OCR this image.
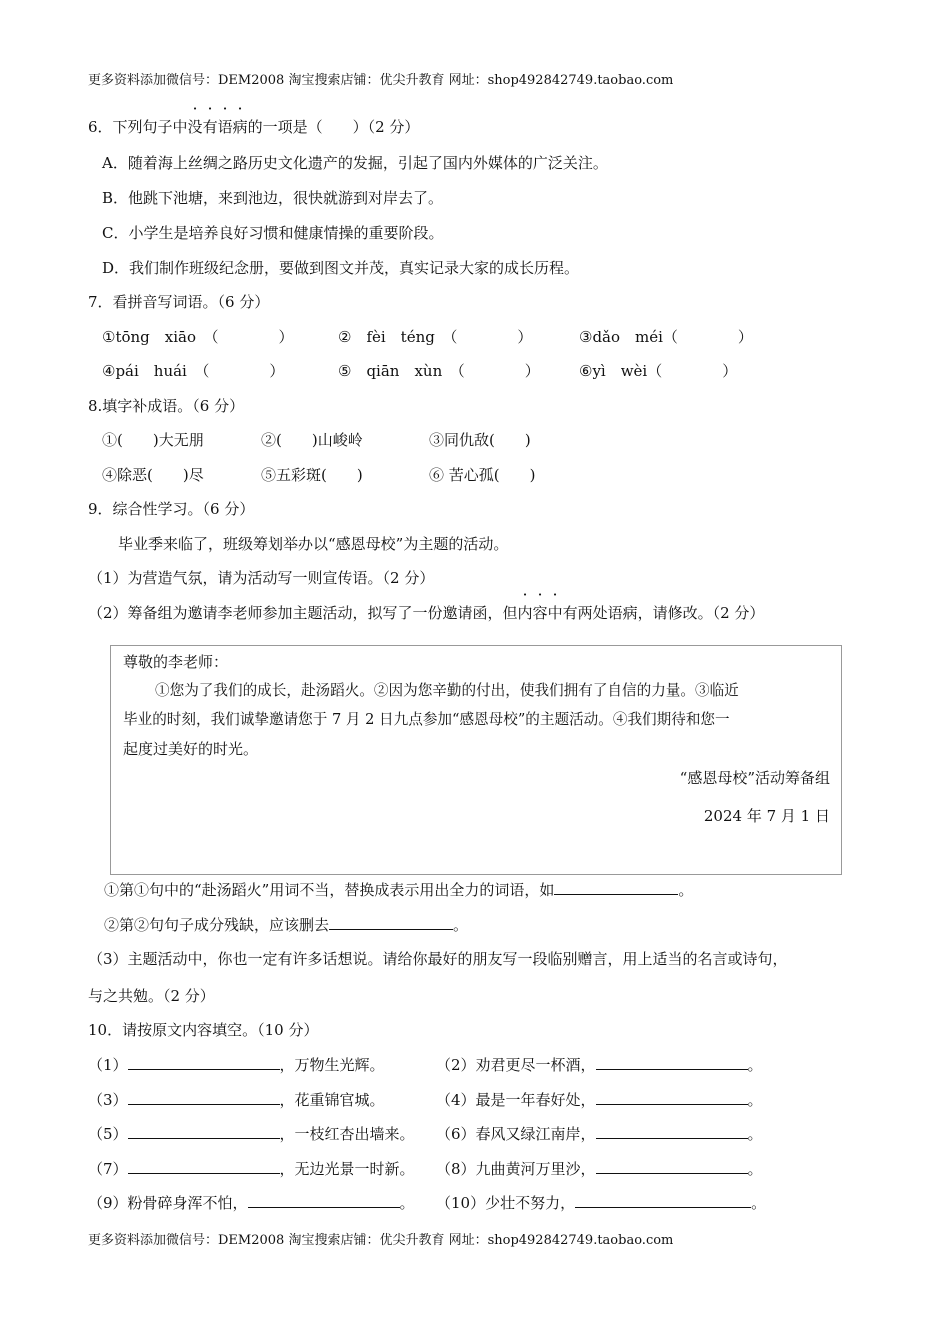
更多资料添加微信号：DEM2008 淘宝搜索店铺：优尖升教育 网址：shop492842749.taobao.com
6．下列句子中没有语病的一项是（　　）（2 分）
A．随着海上丝绸之路历史文化遗产的发掘，引起了国内外媒体的广泛关注。
B．他跳下池塘，来到池边，很快就游到对岸去了。
C．小学生是培养良好习惯和健康情操的重要阶段。
D．我们制作班级纪念册，要做到图文并茂，真实记录大家的成长历程。
7．看拼音写词语。（6 分）
①tōng　xiāo　（　　　　）	②　fèi　téng　（　　　　）	③dǎo　méi（　　　　）
④pái　huái　（　　　　）	⑤　qiān　xùn　（　　　　）	⑥yì　wèi（　　　　）
8.填字补成语。（6 分）
①(　　)大无朋	②(　　)山峻岭	③同仇敌(　　)
④除恶(　　)尽	⑤五彩斑(　　)	⑥ 苦心孤(　　)
9．综合性学习。（6 分）
毕业季来临了，班级筹划举办以“感恩母校”为主题的活动。
（1）为营造气氛，请为活动写一则宣传语。（2 分）
（2）筹备组为邀请李老师参加主题活动，拟写了一份邀请函，但内容中有两处语病，请修改。（2 分）
尊敬的李老师：
①您为了我们的成长，赴汤蹈火。②因为您辛勤的付出，使我们拥有了自信的力量。③临近
毕业的时刻，我们诚挚邀请您于 7 月 2 日九点参加“感恩母校”的主题活动。④我们期待和您一
起度过美好的时光。
“感恩母校”活动筹备组
2024 年 7 月 1 日
①第①句中的“赴汤蹈火”用词不当，替换成表示用出全力的词语，如	。
②第②句句子成分残缺，应该删去	。
（3）主题活动中，你也一定有许多话想说。请给你最好的朋友写一段临别赠言，用上适当的名言或诗句，
与之共勉。（2 分）
10．请按原文内容填空。（10 分）
（1）	，万物生光辉。	（2）劝君更尽一杯酒，	。
（3）	，花重锦官城。	（4）最是一年春好处，	。
（5）	，一枝红杏出墙来。 （6）春风又绿江南岸，	。
（7）	，无边光景一时新。 （8）九曲黄河万里沙，	。
（9）粉骨碎身浑不怕，	。 （10）少壮不努力，	。
更多资料添加微信号：DEM2008 淘宝搜索店铺：优尖升教育 网址：shop492842749.taobao.com
